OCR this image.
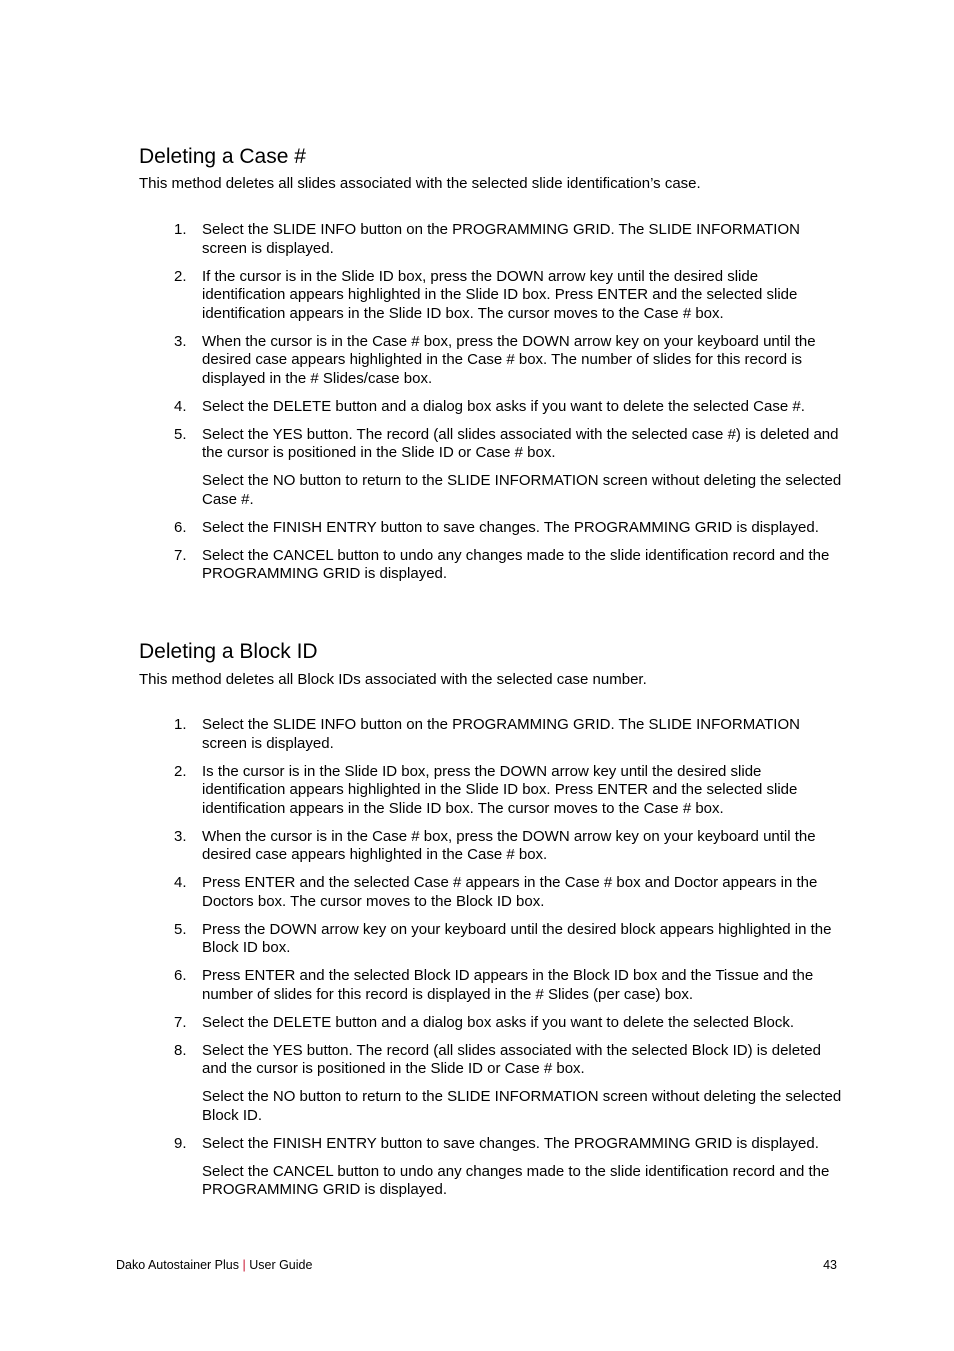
Deleting a Case #

This method deletes all slides associated with the selected slide identification’s case.

1.	Select the SLIDE INFO button on the PROGRAMMING GRID. The SLIDE INFORMATION screen is displayed.

2.	If the cursor is in the Slide ID box, press the DOWN arrow key until the desired slide identification appears highlighted in the Slide ID box. Press ENTER and the selected slide identification appears in the Slide ID box. The cursor moves to the Case # box.

3.	When the cursor is in the Case # box, press the DOWN arrow key on your keyboard until the desired case appears highlighted in the Case # box. The number of slides for this record is displayed in the # Slides/case box.

4.	Select the DELETE button and a dialog box asks if you want to delete the selected Case #.

5.	Select the YES button. The record (all slides associated with the selected case #) is deleted and the cursor is positioned in the Slide ID or Case # box.

Select the NO button to return to the SLIDE INFORMATION screen without deleting the selected Case #.

6.	Select the FINISH ENTRY button to save changes. The PROGRAMMING GRID is displayed.

7.	Select the CANCEL button to undo any changes made to the slide identification record and the PROGRAMMING GRID is displayed.

Deleting a Block ID

This method deletes all Block IDs associated with the selected case number.

1.	Select the SLIDE INFO button on the PROGRAMMING GRID. The SLIDE INFORMATION screen is displayed.

2.	Is the cursor is in the Slide ID box, press the DOWN arrow key until the desired slide identification appears highlighted in the Slide ID box. Press ENTER and the selected slide identification appears in the Slide ID box. The cursor moves to the Case # box.

3.	When the cursor is in the Case # box, press the DOWN arrow key on your keyboard until the desired case appears highlighted in the Case # box.

4.	Press ENTER and the selected Case # appears in the Case # box and Doctor appears in the Doctors box. The cursor moves to the Block ID box.

5.	Press the DOWN arrow key on your keyboard until the desired block appears highlighted in the Block ID box.

6.	Press ENTER and the selected Block ID appears in the Block ID box and the Tissue and the number of slides for this record is displayed in the # Slides (per case) box.

7.	Select the DELETE button and a dialog box asks if you want to delete the selected Block.

8.	Select the YES button. The record (all slides associated with the selected Block ID) is deleted and the cursor is positioned in the Slide ID or Case # box.

Select the NO button to return to the SLIDE INFORMATION screen without deleting the selected Block ID.

9.	Select the FINISH ENTRY button to save changes. The PROGRAMMING GRID is displayed.

Select the CANCEL button to undo any changes made to the slide identification record and the PROGRAMMING GRID is displayed.

Dako Autostainer Plus | User Guide	43
